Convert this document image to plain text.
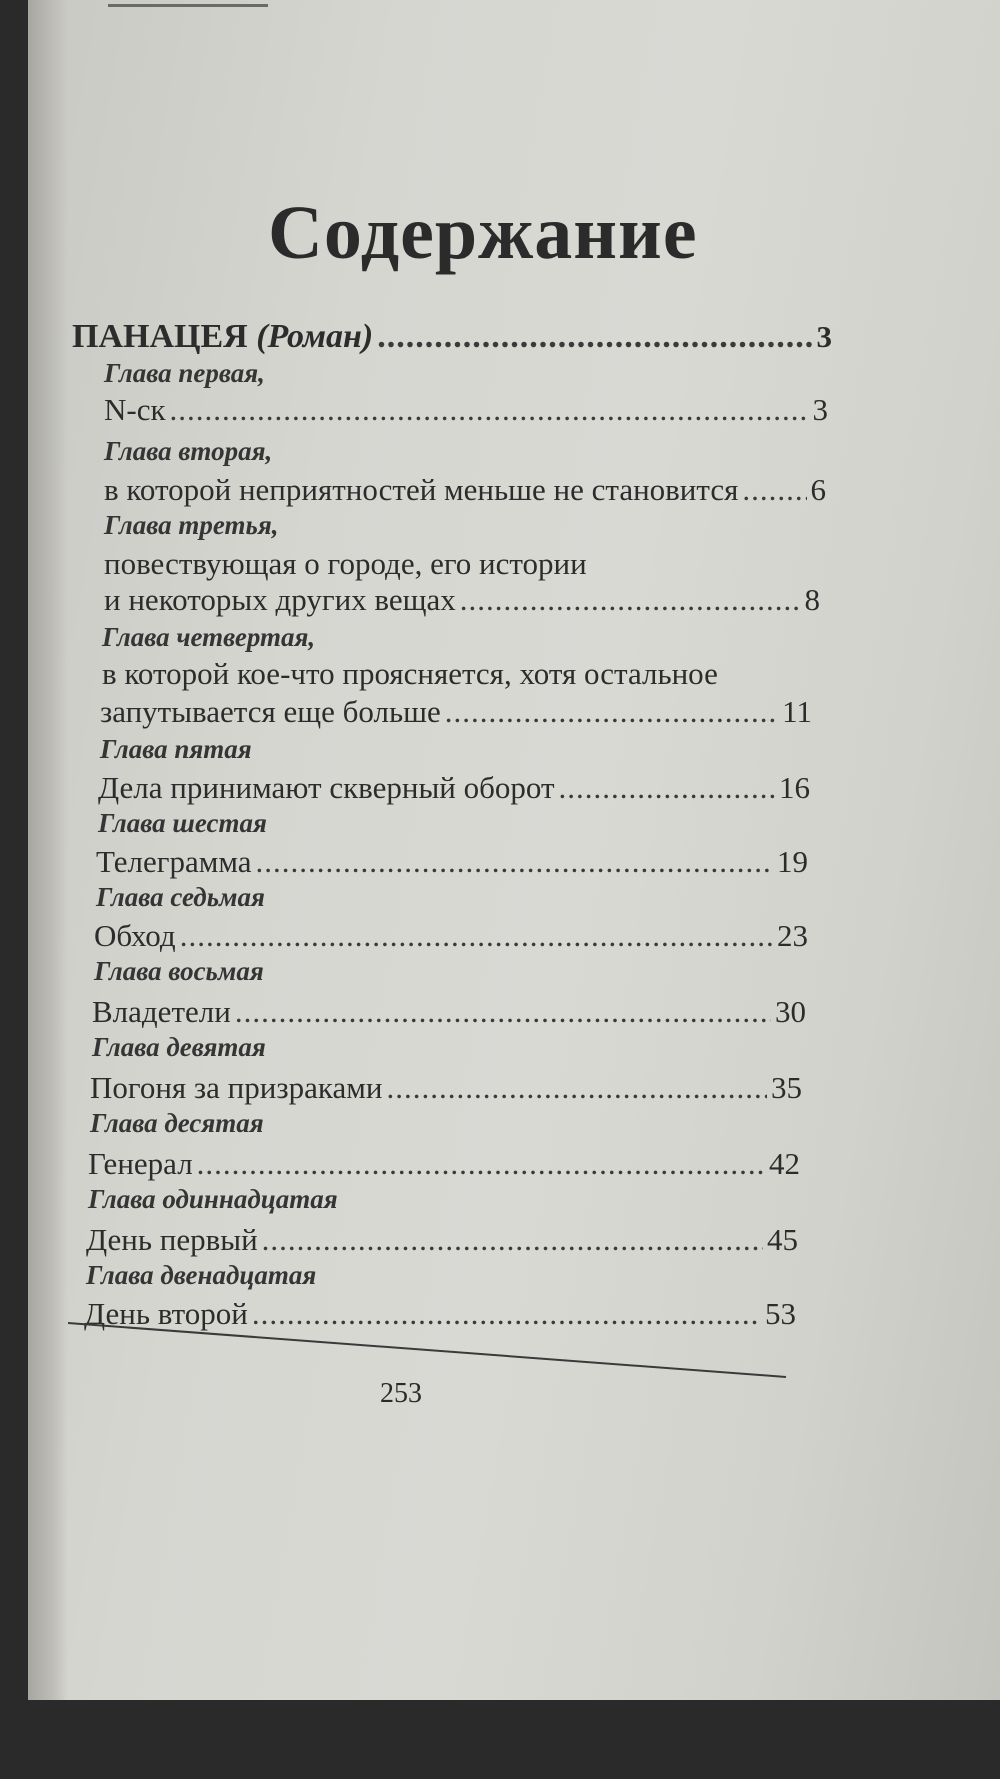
Содержание
ПАНАЦЕЯ
(Роман) .....	3
Глава первая,
N-ск .....	3
Глава вторая,
в которой неприятностей меньше не становится ..... 6
Глава третья,
повествующая о городе, его истории
и некоторых других вещах .....	8
Глава четвертая,
в которой кое-что проясняется, хотя остальное
запутывается еще больше .....	11
Глава пятая
Дела принимают скверный оборот .....	16
Глава шестая
Телеграмма .....	19
Глава седьмая
Обход .....	23
Глава восьмая
Владетели .....	30
Глава девятая
Погоня за призраками .....	35
Глава десятая
Генерал .....	42
Глава одиннадцатая
День первый .....	45
Глава двенадцатая
День второй .....	53
253
